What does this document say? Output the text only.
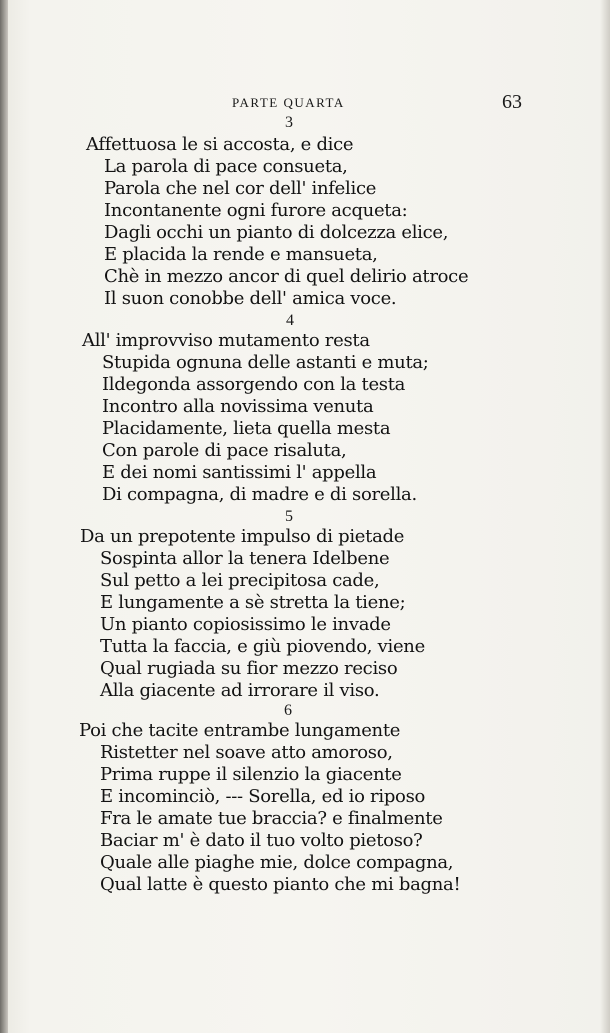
PARTE QUARTA	63
3
Affettuosa le si accosta, e dice
La parola di pace consueta,
Parola che nel cor dell' infelice
Incontanente ogni furore acqueta:
Dagli occhi un pianto di dolcezza elice,
E placida la rende e mansueta,
Chè in mezzo ancor di quel delirio atroce
Il suon conobbe dell' amica voce.
4
All' improvviso mutamento resta
Stupida ognuna delle astanti e muta;
Ildegonda assorgendo con la testa
Incontro alla novissima venuta
Placidamente, lieta quella mesta
Con parole di pace risaluta,
E dei nomi santissimi l' appella
Di compagna, di madre e di sorella.
5
Da un prepotente impulso di pietade
Sospinta allor la tenera Idelbene
Sul petto a lei precipitosa cade,
E lungamente a sè stretta la tiene;
Un pianto copiosissimo le invade
Tutta la faccia, e giù piovendo, viene
Qual rugiada su fior mezzo reciso
Alla giacente ad irrorare il viso.
6
Poi che tacite entrambe lungamente
Ristetter nel soave atto amoroso,
Prima ruppe il silenzio la giacente
E incominciò, --- Sorella, ed io riposo
Fra le amate tue braccia? e finalmente
Baciar m' è dato il tuo volto pietoso?
Quale alle piaghe mie, dolce compagna,
Qual latte è questo pianto che mi bagna!
